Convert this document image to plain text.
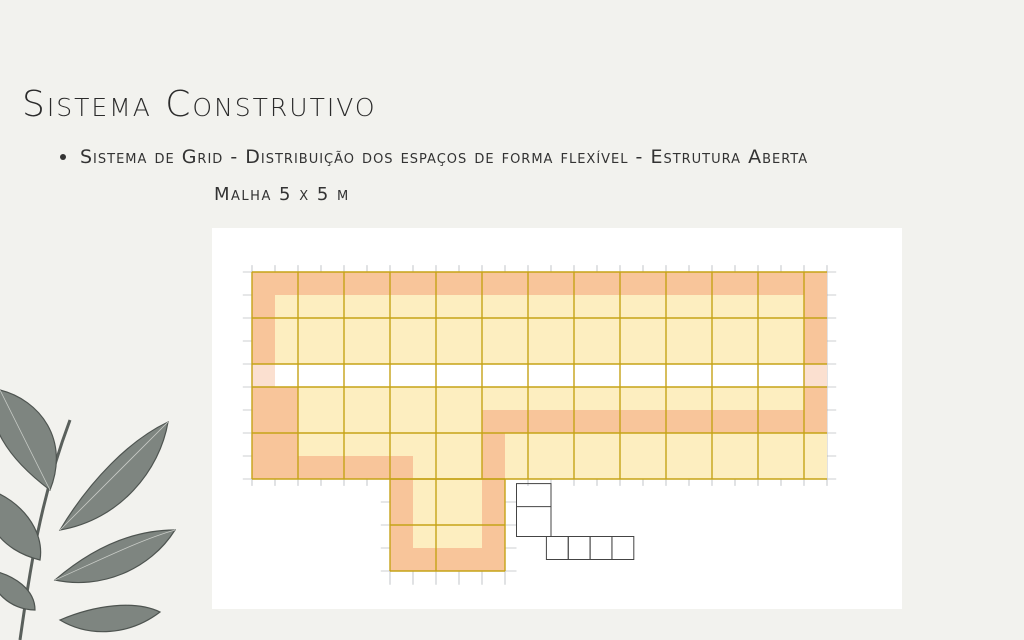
Sistema Construtivo
Sistema de Grid - Distribuição dos espaços de forma flexível - Estrutura Aberta
Malha 5 x 5 m
